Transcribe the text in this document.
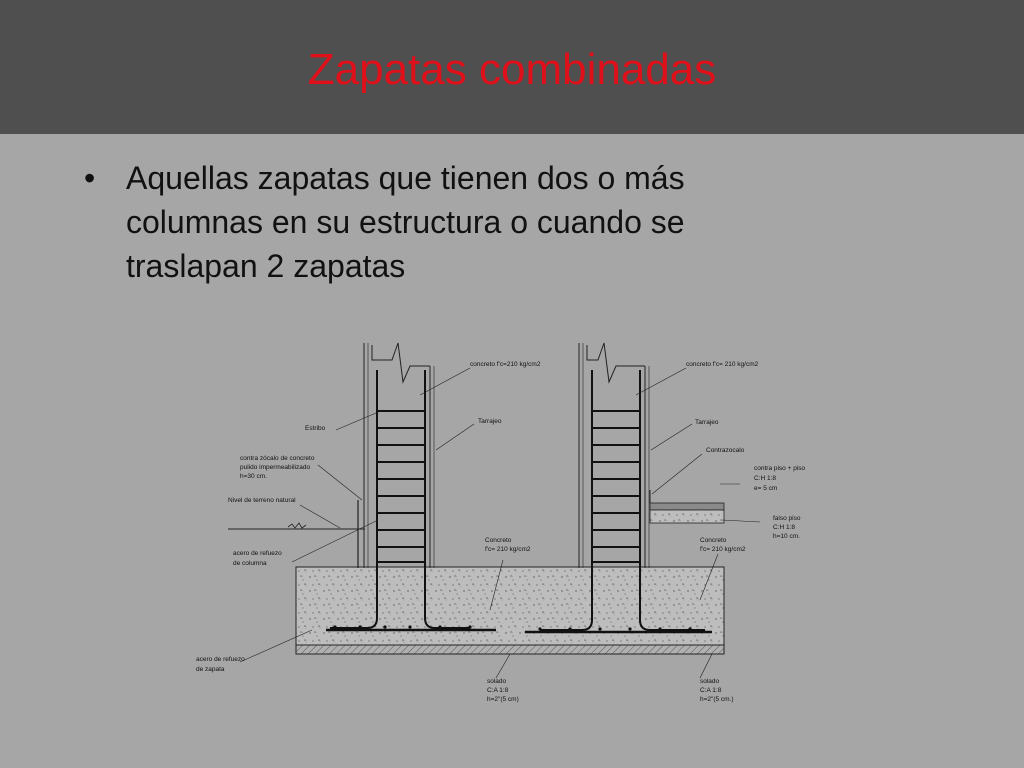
Zapatas combinadas
• Aquellas zapatas que tienen dos o más
columnas en su estructura o cuando se
traslapan 2 zapatas
concreto f'c=210 kg/cm2	concreto f'c= 210 kg/cm2
Estribo
Tarrajeo	Tarrajeo
Contrazocalo
contra zócalo de concreto
pulido impermeabilizado
h=30 cm.
Nivel de terreno natural
contra piso + piso
C:H 1:8
e= 5 cm
falso piso
C:H 1:8
h=10 cm.
acero de refuezo
de columna
Concreto
f'c= 210 kg/cm2
Concreto
f'c= 210 kg/cm2
acero de refuezo
de zapata
solado
C:A 1:8
h=2"(5 cm)
solado
C:A 1:8
h=2"(5 cm.)
